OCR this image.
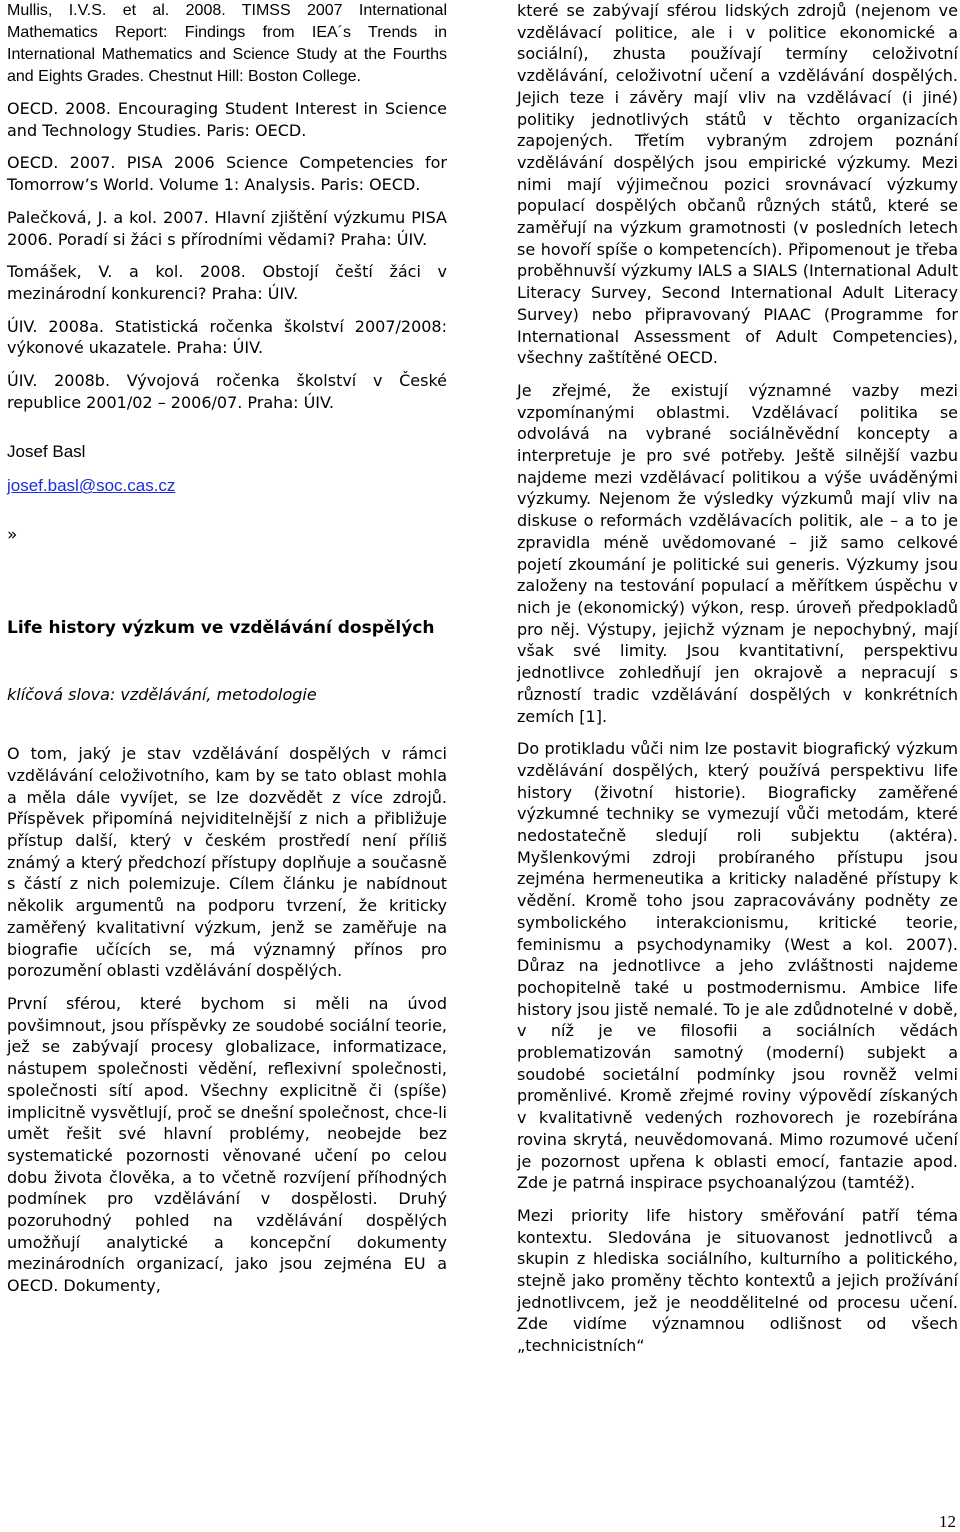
Mullis, I.V.S. et al. 2008. TIMSS 2007 International Mathematics Report: Findings from IEA´s Trends in International Mathematics and Science Study at the Fourths and Eights Grades. Chestnut Hill: Boston College.

OECD. 2008. Encouraging Student Interest in Science and Technology Studies. Paris: OECD.

OECD. 2007. PISA 2006 Science Competencies for Tomorrow’s World. Volume 1: Analysis. Paris: OECD.

Palečková, J. a kol. 2007. Hlavní zjištění výzkumu PISA 2006. Poradí si žáci s přírodními vědami? Praha: ÚIV.

Tomášek, V. a kol. 2008. Obstojí čeští žáci v mezinárodní konkurenci? Praha: ÚIV.

ÚIV. 2008a. Statistická ročenka školství 2007/2008: výkonové ukazatele. Praha: ÚIV.

ÚIV. 2008b. Vývojová ročenka školství v České republice 2001/02 – 2006/07. Praha: ÚIV.

Josef Basl

josef.basl@soc.cas.cz

»

Life history výzkum ve vzdělávání dospělých

klíčová slova: vzdělávání, metodologie

O tom, jaký je stav vzdělávání dospělých v rámci vzdělávání celoživotního, kam by se tato oblast mohla a měla dále vyvíjet, se lze dozvědět z více zdrojů. Příspěvek připomíná nejviditelnější z nich a přibližuje přístup další, který v českém prostředí není příliš známý a který předchozí přístupy doplňuje a současně s částí z nich polemizuje. Cílem článku je nabídnout několik argumentů na podporu tvrzení, že kriticky zaměřený kvalitativní výzkum, jenž se zaměřuje na biografie učících se, má významný přínos pro porozumění oblasti vzdělávání dospělých.

První sférou, které bychom si měli na úvod povšimnout, jsou příspěvky ze soudobé sociální teorie, jež se zabývají procesy globalizace, informatizace, nástupem společnosti vědění, reflexivní společnosti, společnosti sítí apod. Všechny explicitně či (spíše) implicitně vysvětlují, proč se dnešní společnost, chce-li umět řešit své hlavní problémy, neobejde bez systematické pozornosti věnované učení po celou dobu života člověka, a to včetně rozvíjení příhodných podmínek pro vzdělávání v dospělosti. Druhý pozoruhodný pohled na vzdělávání dospělých umožňují analytické a koncepční dokumenty mezinárodních organizací, jako jsou zejména EU a OECD. Dokumenty,

které se zabývají sférou lidských zdrojů (nejenom ve vzdělávací politice, ale i v politice ekonomické a sociální), zhusta používají termíny celoživotní vzdělávání, celoživotní učení a vzdělávání dospělých. Jejich teze i závěry mají vliv na vzdělávací (i jiné) politiky jednotlivých států v těchto organizacích zapojených. Třetím vybraným zdrojem poznání vzdělávání dospělých jsou empirické výzkumy. Mezi nimi mají výjimečnou pozici srovnávací výzkumy populací dospělých občanů různých států, které se zaměřují na výzkum gramotnosti (v posledních letech se hovoří spíše o kompetencích). Připomenout je třeba proběhnuvší výzkumy IALS a SIALS (International Adult Literacy Survey, Second International Adult Literacy Survey) nebo připravovaný PIAAC (Programme for International Assessment of Adult Competencies), všechny zaštítěné OECD.

Je zřejmé, že existují významné vazby mezi vzpomínanými oblastmi. Vzdělávací politika se odvolává na vybrané sociálněvědní koncepty a interpretuje je pro své potřeby. Ještě silnější vazbu najdeme mezi vzdělávací politikou a výše uváděnými výzkumy. Nejenom že výsledky výzkumů mají vliv na diskuse o reformách vzdělávacích politik, ale – a to je zpravidla méně uvědomované – již samo celkové pojetí zkoumání je politické sui generis. Výzkumy jsou založeny na testování populací a měřítkem úspěchu v nich je (ekonomický) výkon, resp. úroveň předpokladů pro něj. Výstupy, jejichž význam je nepochybný, mají však své limity. Jsou kvantitativní, perspektivu jednotlivce zohledňují jen okrajově a nepracují s růzností tradic vzdělávání dospělých v konkrétních zemích [1].

Do protikladu vůči nim lze postavit biografický výzkum vzdělávání dospělých, který používá perspektivu life history (životní historie). Biograficky zaměřené výzkumné techniky se vymezují vůči metodám, které nedostatečně sledují roli subjektu (aktéra). Myšlenkovými zdroji probíraného přístupu jsou zejména hermeneutika a kriticky naladěné přístupy k vědění. Kromě toho jsou zapracovávány podněty ze symbolického interakcionismu, kritické teorie, feminismu a psychodynamiky (West a kol. 2007). Důraz na jednotlivce a jeho zvláštnosti najdeme pochopitelně také u postmodernismu. Ambice life history jsou jistě nemalé. To je ale zdůdnotelné v době, v níž je ve filosofii a sociálních vědách problematizován samotný (moderní) subjekt a soudobé societální podmínky jsou rovněž velmi proměnlivé. Kromě zřejmé roviny výpovědí získaných v kvalitativně vedených rozhovorech je rozebírána rovina skrytá, neuvědomovaná. Mimo rozumové učení je pozornost upřena k oblasti emocí, fantazie apod. Zde je patrná inspirace psychoanalýzou (tamtéž).

Mezi priority life history směřování patří téma kontextu. Sledována je situovanost jednotlivců a skupin z hlediska sociálního, kulturního a politického, stejně jako proměny těchto kontextů a jejich prožívání jednotlivcem, jež je neoddělitelné od procesu učení. Zde vidíme významnou odlišnost od všech „technicistních“

12
